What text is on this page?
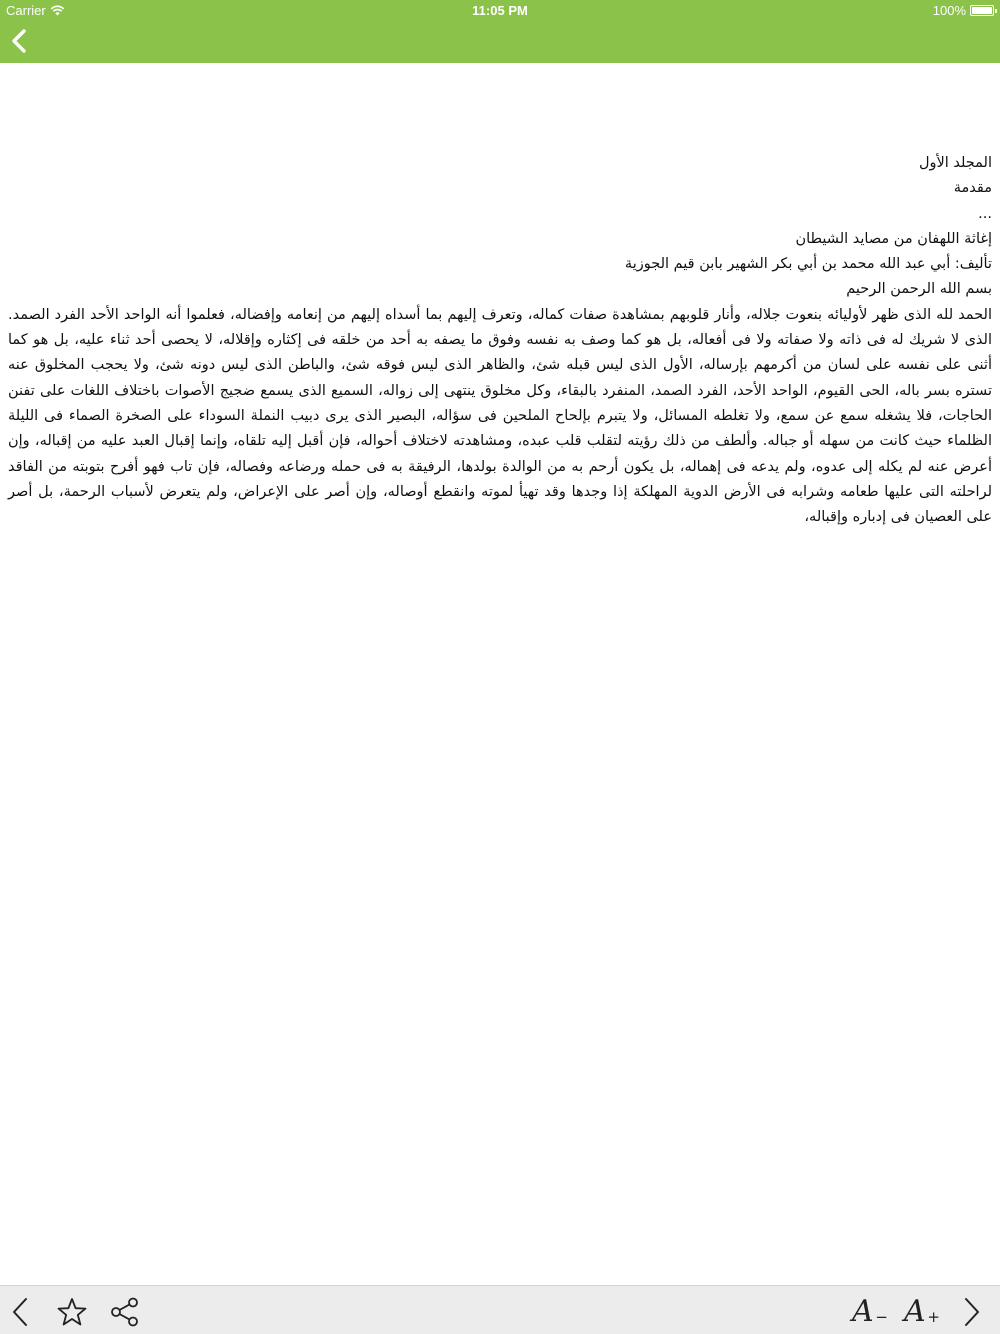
Carrier	11:05 PM	100%

المجلد الأول

مقدمة

...

إغاثة اللهفان من مصايد الشيطان

تأليف: أبي عبد الله محمد بن أبي بكر الشهير بابن قيم الجوزية

بسم الله الرحمن الرحيم

الحمد لله الذى ظهر لأوليائه بنعوت جلاله، وأنار قلوبهم بمشاهدة صفات كماله، وتعرف إليهم بما أسداه إليهم من إنعامه وإفضاله، فعلموا أنه الواحد الأحد الفرد الصمد. الذى لا شريك له فى ذاته ولا صفاته ولا فى أفعاله، بل هو كما وصف به نفسه وفوق ما يصفه به أحد من خلقه فى إكثاره وإقلاله، لا يحصى أحد ثناء عليه، بل هو كما أثنى على نفسه على لسان من أكرمهم بإرساله، الأول الذى ليس قبله شئ، والظاهر الذى ليس فوقه شئ، والباطن الذى ليس دونه شئ، ولا يحجب المخلوق عنه تستره بسر باله، الحى القيوم، الواحد الأحد، الفرد الصمد، المنفرد بالبقاء، وكل مخلوق ينتهى إلى زواله، السميع الذى يسمع ضجيج الأصوات باختلاف اللغات على تفنن الحاجات، فلا يشغله سمع عن سمع، ولا تغلطه المسائل، ولا يتبرم بإلحاح الملحين فى سؤاله، البصير الذى يرى دبيب النملة السوداء على الصخرة الصماء فى الليلة الظلماء حيث كانت من سهله أو جباله. وألطف من ذلك رؤيته لتقلب قلب عبده، ومشاهدته لاختلاف أحواله، فإن أقبل إليه تلقاه، وإنما إقبال العبد عليه من إقباله، وإن أعرض عنه لم يكله إلى عدوه، ولم يدعه فى إهماله، بل يكون أرحم به من الوالدة بولدها، الرفيقة به فى حمله ورضاعه وفصاله، فإن تاب فهو أفرح بتوبته من الفاقد لراحلته التى عليها طعامه وشرابه فى الأرض الدوية المهلكة إذا وجدها وقد تهيأ لموته وانقطع أوصاله، وإن أصر على الإعراض، ولم يتعرض لأسباب الرحمة، بل أصر على العصيان فى إدباره وإقباله،

A − A +
